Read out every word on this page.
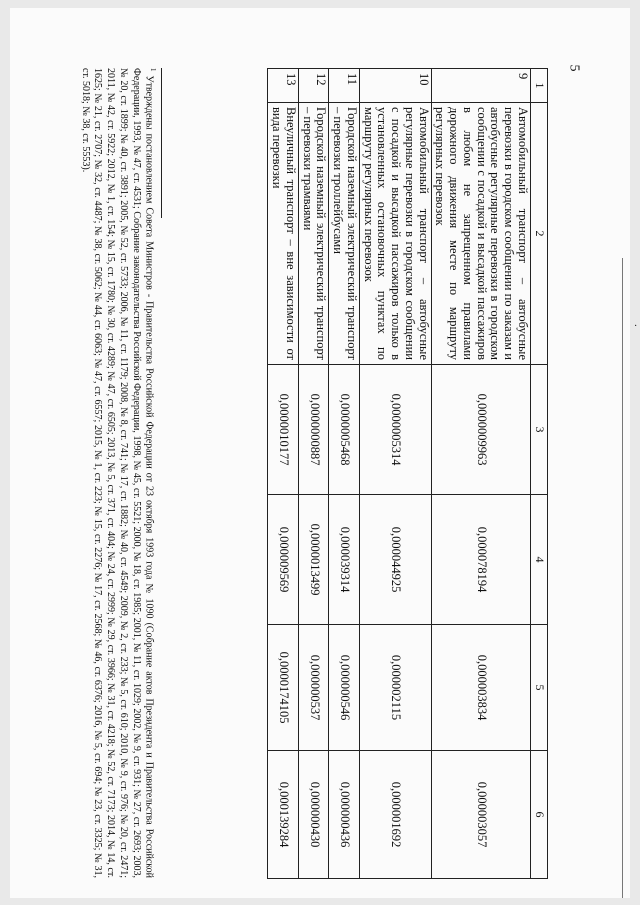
5
·
1	2	3	4	5	6
9	Автомобильный транспорт – автобусные перевозки в городском сообщении по заказам и автобусные регулярные перевозки в городском сообщении с посадкой и высадкой пассажиров в любом не запрещенном правилами дорожного движения месте по маршруту регулярных перевозок	0,0000009963	0,000078194	0,000003834	0,000003057
10	Автомобильный транспорт – автобусные регулярные перевозки в городском сообщении с посадкой и высадкой пассажиров только в установленных остановочных пунктах по маршруту регулярных перевозок	0,0000005314	0,000044925	0,000002115	0,000001692
11	Городской наземный электрический транспорт – перевозки троллейбусами	0,0000005468	0,000039314	0,000000546	0,000000436
12	Городской наземный электрический транспорт – перевозки трамваями	0,0000000887	0,0000013499	0,000000537	0,000000430
13	Внеуличный транспорт – вне зависимости от вида перевозки	0,0000010177	0,000009569	0,0000174105	0,000139284
$^1$ Утверждены постановлением Совета Министров - Правительства Российской Федерации от 23 октября 1993 года № 1090 (Собрание актов Президента и Правительства Российской Федерации, 1993, № 47, ст. 4531; Собрание законодательства Российской Федерации, 1998, № 45, ст. 5521; 2000, № 18, ст. 1985; 2001, № 11, ст. 1029; 2002, № 9, ст. 931; № 27, ст. 2693; 2003, № 20, ст. 1899; № 40, ст. 3891; 2005, № 52, ст. 5733; 2006, № 11, ст. 1179; 2008, № 8, ст. 741; № 17, ст. 1882; № 40, ст. 4549; 2009, № 2, ст. 233; № 5, ст. 610; 2010, № 9, ст. 976; № 20, ст. 2471; 2011, № 42, ст. 5922; 2012, № 1, ст. 154; № 15, ст. 1780; № 30, ст. 4289; № 47, ст. 6505; 2013, № 5, ст. 371, ст. 404; № 24, ст. 2999; № 29, ст. 3966; № 31, ст. 4218; № 52, ст. 7173; 2014, № 14, ст. 1625; № 21, ст. 2707; № 32, ст. 4487; № 38, ст. 5062; № 44, ст. 6063; № 47, ст. 6557; 2015, № 1, ст. 223; № 15, ст. 2276; № 17, ст. 2568; № 46, ст. 6376; 2016, № 5, ст. 694; № 23, ст. 3325; № 31, ст. 5018; № 38, ст. 5553).
